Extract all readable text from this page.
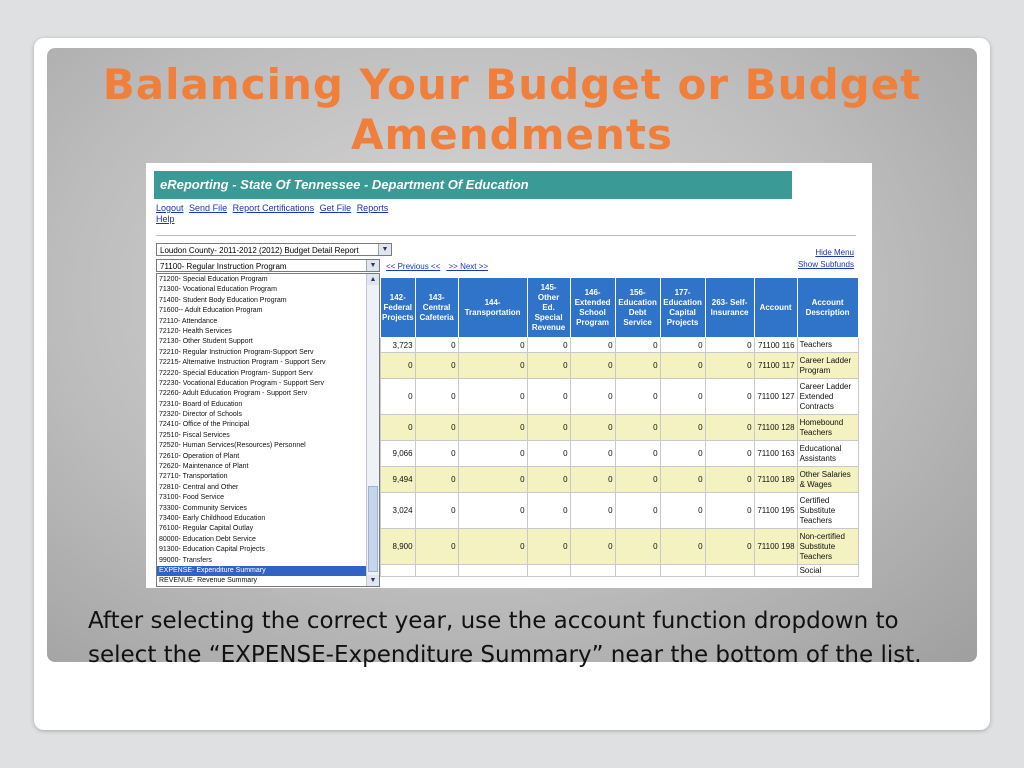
Balancing Your Budget or Budget Amendments
eReporting - State Of Tennessee - Department Of Education
Logout Send File Report Certifications Get File Reports
Help
Loudon County- 2011-2012 (2012) Budget Detail Report	▼
71100- Regular Instruction Program	▼	<< Previous << >> Next >>
Hide Menu
Show Subfunds
142-
Federal
Projects	143-
Central
Cafeteria	144-
Transportation	145-
Other
Ed.
Special
Revenue	146-
Extended
School
Program	156-
Education
Debt
Service	177-
Education
Capital
Projects	263- Self-
Insurance	Account	Account
Description
3,723	0	0	0	0	0	0	0	71100 116	Teachers
0	0	0	0	0	0	0	0	71100 117	Career Ladder Program
0	0	0	0	0	0	0	0	71100 127	Career Ladder Extended Contracts
0	0	0	0	0	0	0	0	71100 128	Homebound Teachers
9,066	0	0	0	0	0	0	0	71100 163	Educational Assistants
9,494	0	0	0	0	0	0	0	71100 189	Other Salaries & Wages
3,024	0	0	0	0	0	0	0	71100 195	Certified Substitute Teachers
8,900	0	0	0	0	0	0	0	71100 198	Non-certified Substitute Teachers
									Social
71200- Special Education Program
71300- Vocational Education Program
71400- Student Body Education Program
71600-- Adult Education Program
72110- Attendance
72120- Health Services
72130- Other Student Support
72210- Regular Instruction Program-Support Serv
72215- Alternative Instruction Program - Support Serv
72220- Special Education Program- Support Serv
72230- Vocational Education Program - Support Serv
72260- Adult Education Program - Support Serv
72310- Board of Education
72320- Director of Schools
72410- Office of the Principal
72510- Fiscal Services
72520- Human Services(Resources) Personnel
72610- Operation of Plant
72620- Maintenance of Plant
72710- Transportation
72810- Central and Other
73100- Food Service
73300- Community Services
73400- Early Childhood Education
76100- Regular Capital Outlay
80000- Education Debt Service
91300- Education Capital Projects
99000- Transfers
EXPENSE- Expenditure Summary
REVENUE- Revenue Summary
▲
▼
After selecting the correct year, use the account function dropdown to select the “EXPENSE-Expenditure Summary” near the bottom of the list.
